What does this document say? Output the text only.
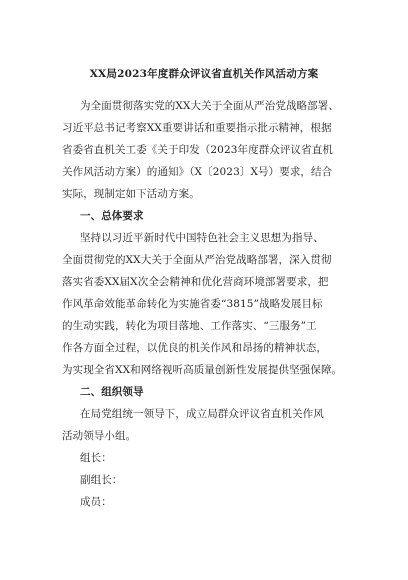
XX局2023年度群众评议省直机关作风活动方案
为全面贯彻落实党的XX大关于全面从严治党战略部署、
习近平总书记考察XX重要讲话和重要指示批示精神，根据
省委省直机关工委《关于印发（2023年度群众评议省直机
关作风活动方案）的通知》（X〔2023〕X号）要求，结合
实际，现制定如下活动方案。
一、总体要求
坚持以习近平新时代中国特色社会主义思想为指导、
全面贯彻党的XX大关于全面从严治党战略部署，深入贯彻
落实省委XX届X次全会精神和优化营商环境部署要求，把
作风革命效能革命转化为实施省委“3815”战略发展目标
的生动实践，转化为项目落地、工作落实、“三服务”工
作各方面全过程，以优良的机关作风和昂扬的精神状态，
为实现全省XX和网络视听高质量创新性发展提供坚强保障。
二、组织领导
在局党组统一领导下，成立局群众评议省直机关作风
活动领导小组。
组长：
副组长：
成员：
